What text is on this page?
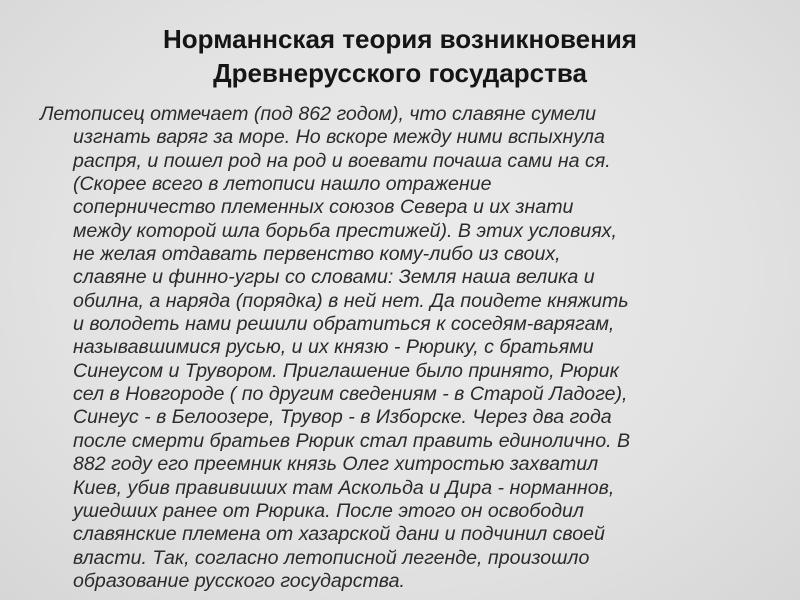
Норманнская теория возникновения
Древнерусского государства
Летописец отмечает (под 862 годом), что славяне сумели
изгнать варяг за море. Но вскоре между ними вспыхнула
распря, и пошел род на род и воевати почаша сами на ся.
(Скорее всего в летописи нашло отражение
соперничество племенных союзов Севера и их знати
между которой шла борьба престижей). В этих условиях,
не желая отдавать первенство кому-либо из своих,
славяне и финно-угры со словами: Земля наша велика и
обилна, а наряда (порядка) в ней нет. Да поидете княжить
и володеть нами решили обратиться к соседям-варягам,
называвшимися русью, и их князю - Рюрику, с братьями
Синеусом и Трувором. Приглашение было принято, Рюрик
сел в Новгороде ( по другим сведениям - в Старой Ладоге),
Синеус - в Белоозере, Трувор - в Изборске. Через два года
после смерти братьев Рюрик стал править единолично. В
882 году его преемник князь Олег хитростью захватил
Киев, убив правивиших там Аскольда и Дира - норманнов,
ушедших ранее от Рюрика. После этого он освободил
славянские племена от хазарской дани и подчинил своей
власти. Так, согласно летописной легенде, произошло
образование русского государства.
